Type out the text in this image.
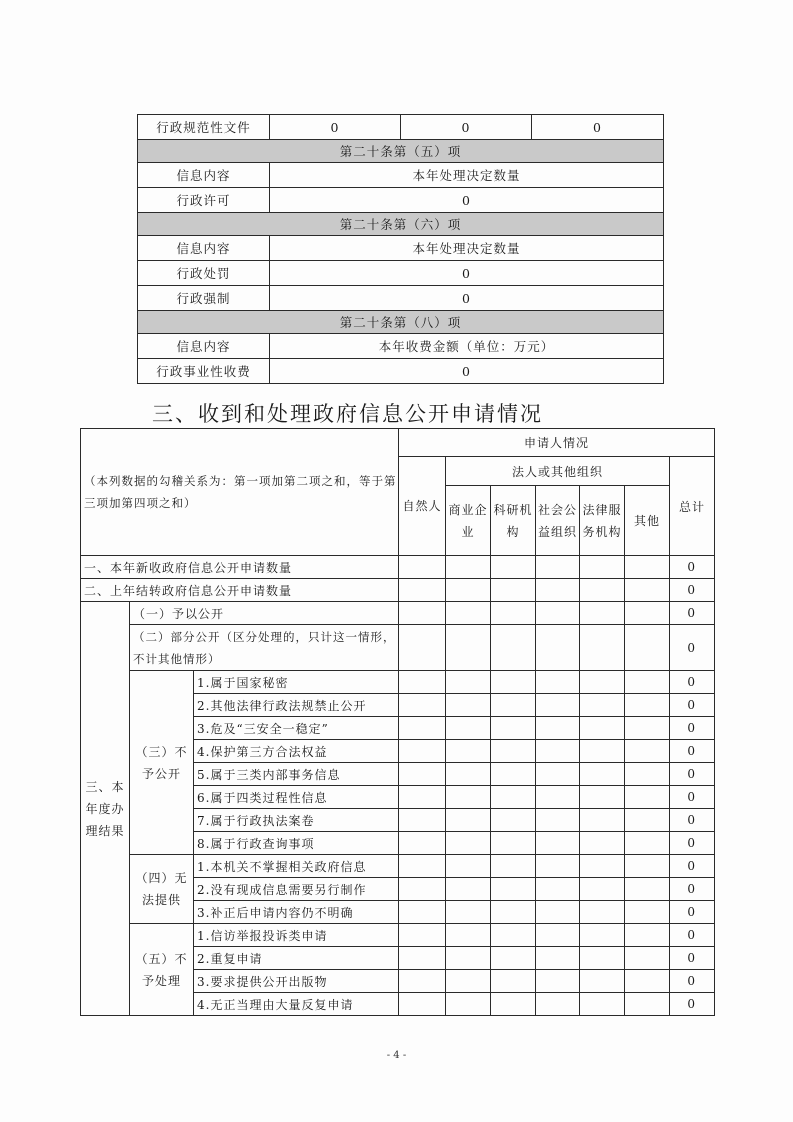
行政规范性文件	0	0	0
第二十条第（五）项			
信息内容	本年处理决定数量		
行政许可	0		
第二十条第（六）项			
信息内容	本年处理决定数量		
行政处罚	0		
行政强制	0		
第二十条第（八）项			
信息内容	本年收费金额（单位：万元）		
行政事业性收费	0		
三、收到和处理政府信息公开申请情况
（本列数据的勾稽关系为：第一项加第二项之和，等于第三项加第四项之和）			申请人情况						
			自然人	法人或其他组织					总计
				商业企业	科研机构	社会公益组织	法律服务机构	其他	
一、本年新收政府信息公开申请数量									0
二、上年结转政府信息公开申请数量									0
三、本年度办理结果	（一）予以公开								0
	（二）部分公开（区分处理的，只计这一情形，不计其他情形）								0
	（三）不予公开	1.属于国家秘密							0
		2.其他法律行政法规禁止公开							0
		3.危及“三安全一稳定”							0
		4.保护第三方合法权益							0
		5.属于三类内部事务信息							0
		6.属于四类过程性信息							0
		7.属于行政执法案卷							0
		8.属于行政查询事项							0
	（四）无法提供	1.本机关不掌握相关政府信息							0
		2.没有现成信息需要另行制作							0
		3.补正后申请内容仍不明确							0
	（五）不予处理	1.信访举报投诉类申请							0
		2.重复申请							0
		3.要求提供公开出版物							0
		4.无正当理由大量反复申请							0
- 4 -
